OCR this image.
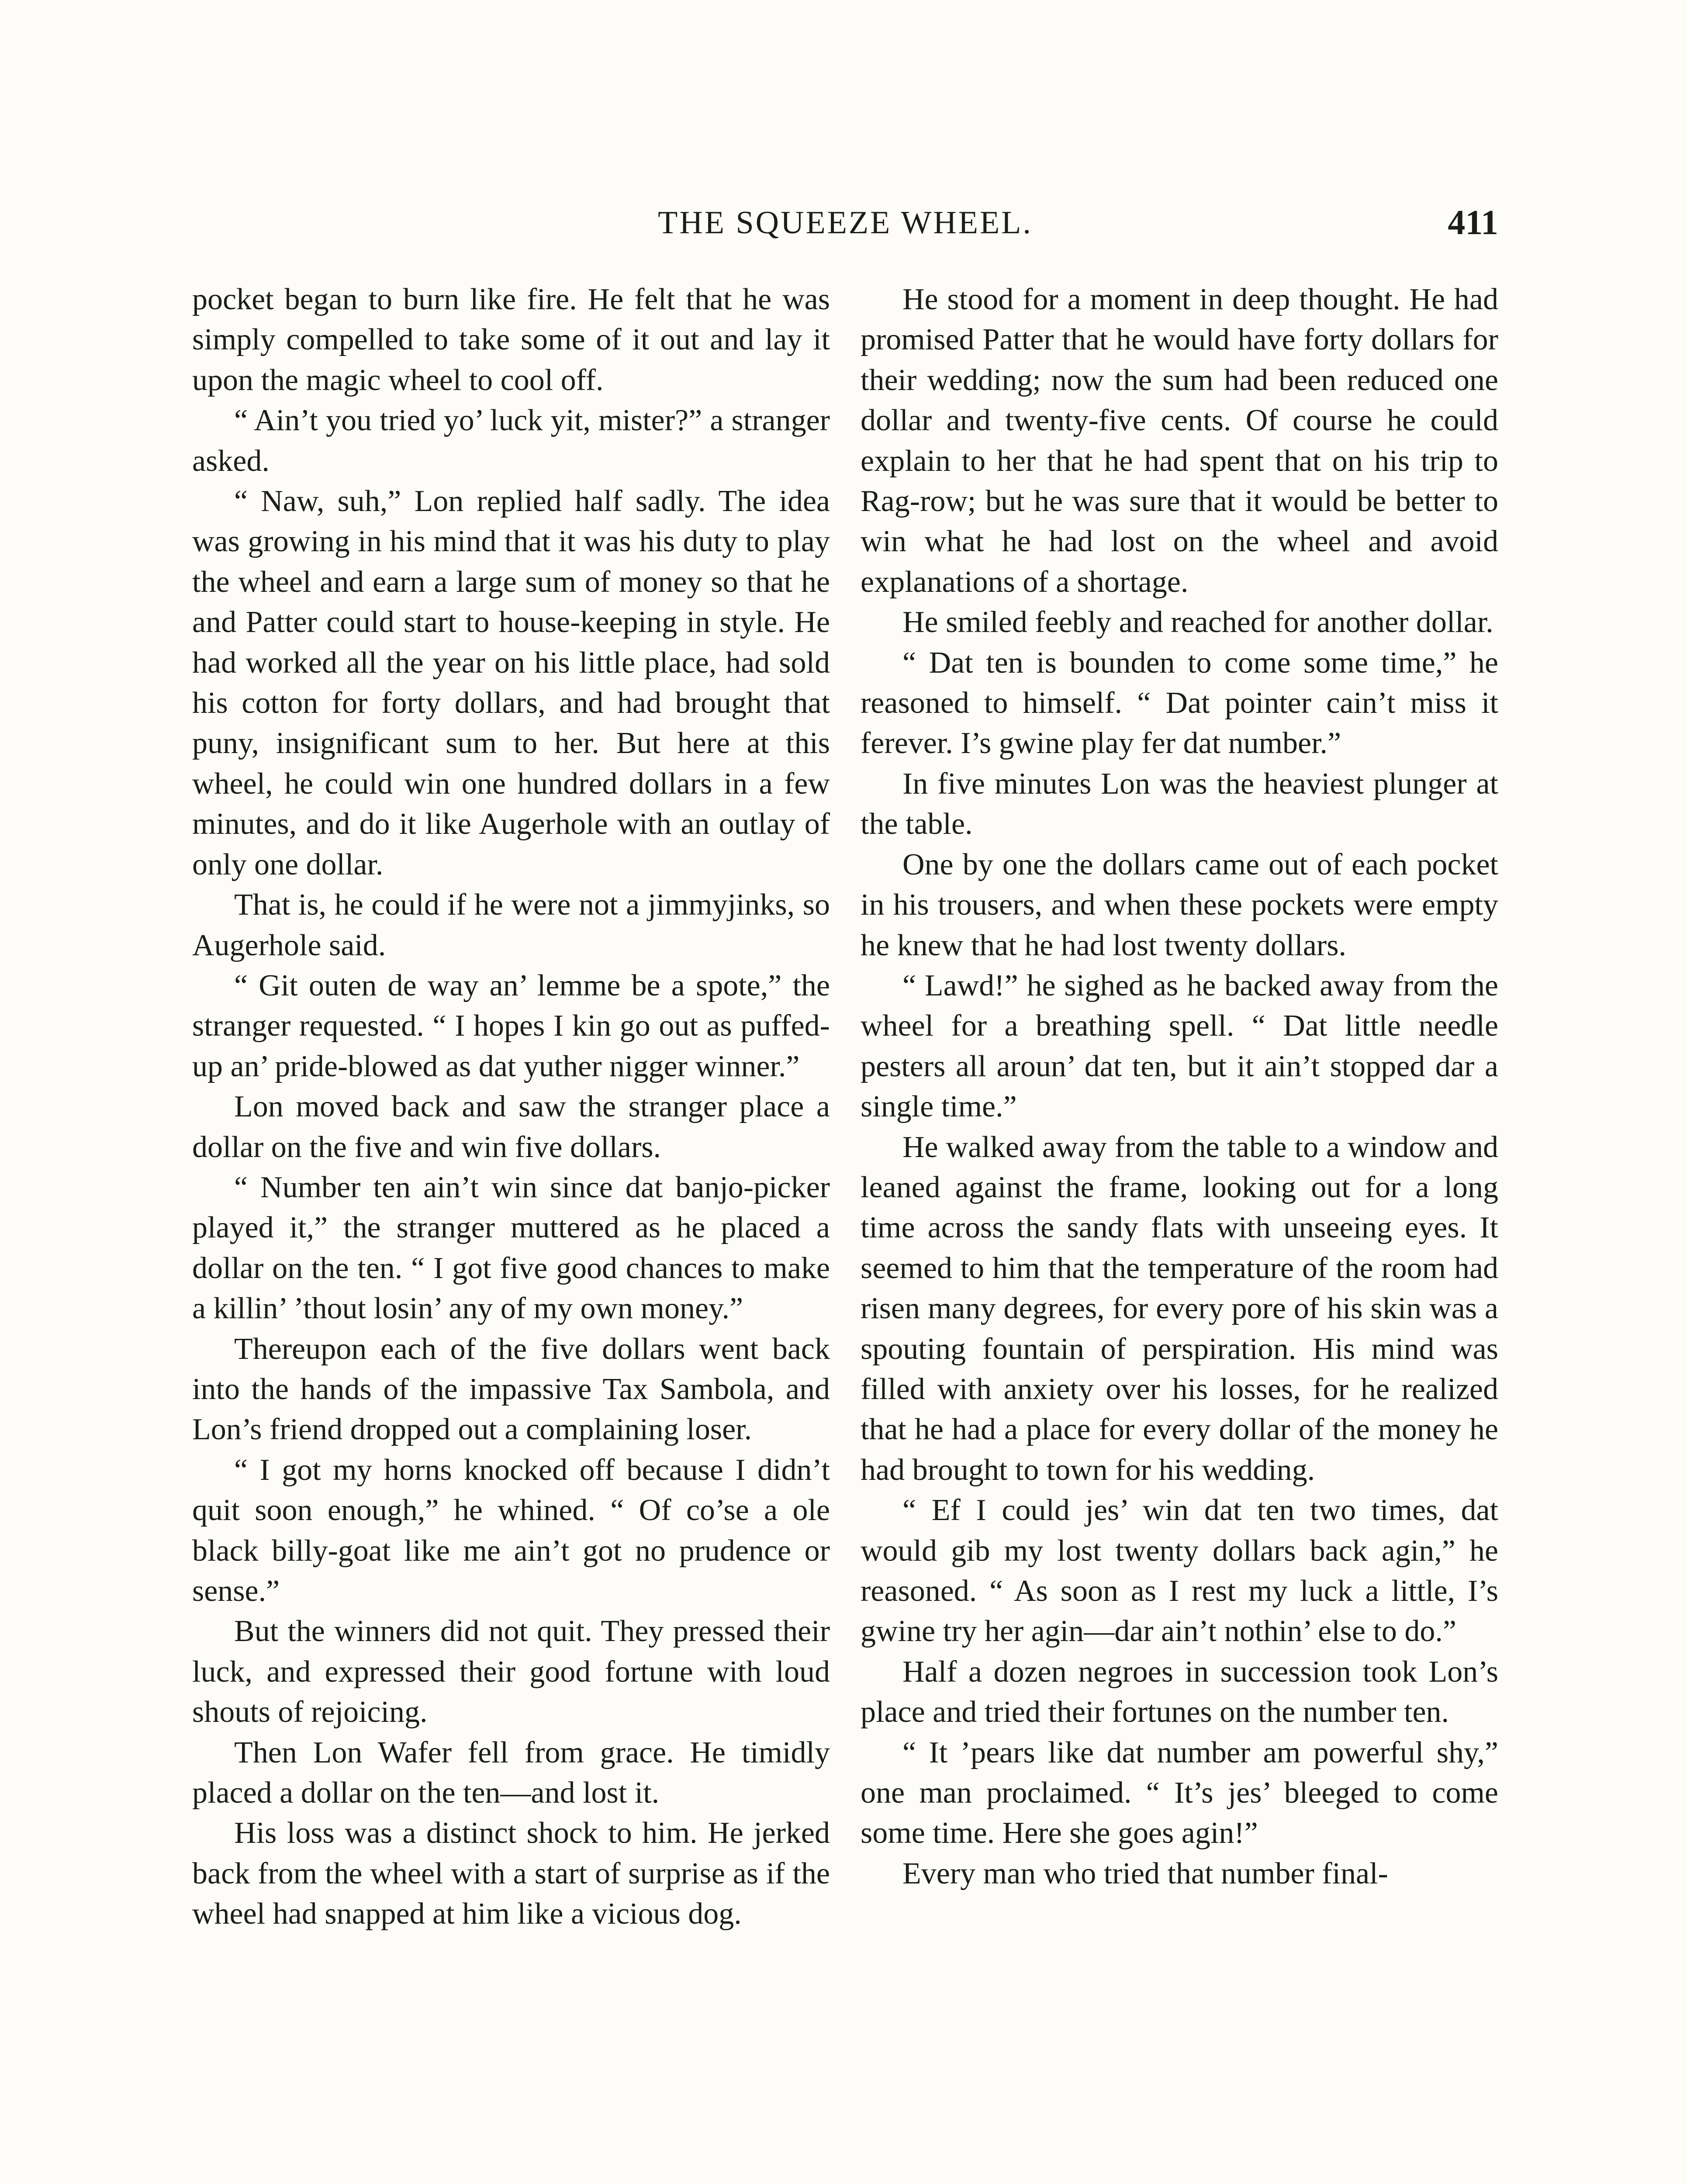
THE SQUEEZE WHEEL.	411

pocket began to burn like fire. He felt that he was simply compelled to take some of it out and lay it upon the magic wheel to cool off.

“ Ain’t you tried yo’ luck yit, mister?” a stranger asked.

“ Naw, suh,” Lon replied half sadly. The idea was growing in his mind that it was his duty to play the wheel and earn a large sum of money so that he and Patter could start to house-keeping in style. He had worked all the year on his little place, had sold his cotton for forty dollars, and had brought that puny, insignificant sum to her. But here at this wheel, he could win one hundred dollars in a few minutes, and do it like Augerhole with an outlay of only one dollar.

That is, he could if he were not a jimmyjinks, so Augerhole said.

“ Git outen de way an’ lemme be a spote,” the stranger requested. “ I hopes I kin go out as puffed-up an’ pride-blowed as dat yuther nigger winner.”

Lon moved back and saw the stranger place a dollar on the five and win five dollars.

“ Number ten ain’t win since dat banjo-picker played it,” the stranger muttered as he placed a dollar on the ten. “ I got five good chances to make a killin’ ’thout losin’ any of my own money.”

Thereupon each of the five dollars went back into the hands of the impassive Tax Sambola, and Lon’s friend dropped out a complaining loser.

“ I got my horns knocked off because I didn’t quit soon enough,” he whined. “ Of co’se a ole black billy-goat like me ain’t got no prudence or sense.”

But the winners did not quit. They pressed their luck, and expressed their good fortune with loud shouts of rejoicing.

Then Lon Wafer fell from grace. He timidly placed a dollar on the ten—and lost it.

His loss was a distinct shock to him. He jerked back from the wheel with a start of surprise as if the wheel had snapped at him like a vicious dog.

He stood for a moment in deep thought. He had promised Patter that he would have forty dollars for their wedding; now the sum had been reduced one dollar and twenty-five cents. Of course he could explain to her that he had spent that on his trip to Rag-row; but he was sure that it would be better to win what he had lost on the wheel and avoid explanations of a shortage.

He smiled feebly and reached for another dollar.

“ Dat ten is bounden to come some time,” he reasoned to himself. “ Dat pointer cain’t miss it ferever. I’s gwine play fer dat number.”

In five minutes Lon was the heaviest plunger at the table.

One by one the dollars came out of each pocket in his trousers, and when these pockets were empty he knew that he had lost twenty dollars.

“ Lawd!” he sighed as he backed away from the wheel for a breathing spell. “ Dat little needle pesters all aroun’ dat ten, but it ain’t stopped dar a single time.”

He walked away from the table to a window and leaned against the frame, looking out for a long time across the sandy flats with unseeing eyes. It seemed to him that the temperature of the room had risen many degrees, for every pore of his skin was a spouting fountain of perspiration. His mind was filled with anxiety over his losses, for he realized that he had a place for every dollar of the money he had brought to town for his wedding.

“ Ef I could jes’ win dat ten two times, dat would gib my lost twenty dollars back agin,” he reasoned. “ As soon as I rest my luck a little, I’s gwine try her agin—dar ain’t nothin’ else to do.”

Half a dozen negroes in succession took Lon’s place and tried their fortunes on the number ten.

“ It ’pears like dat number am powerful shy,” one man proclaimed. “ It’s jes’ bleeged to come some time. Here she goes agin!”

Every man who tried that number final-
